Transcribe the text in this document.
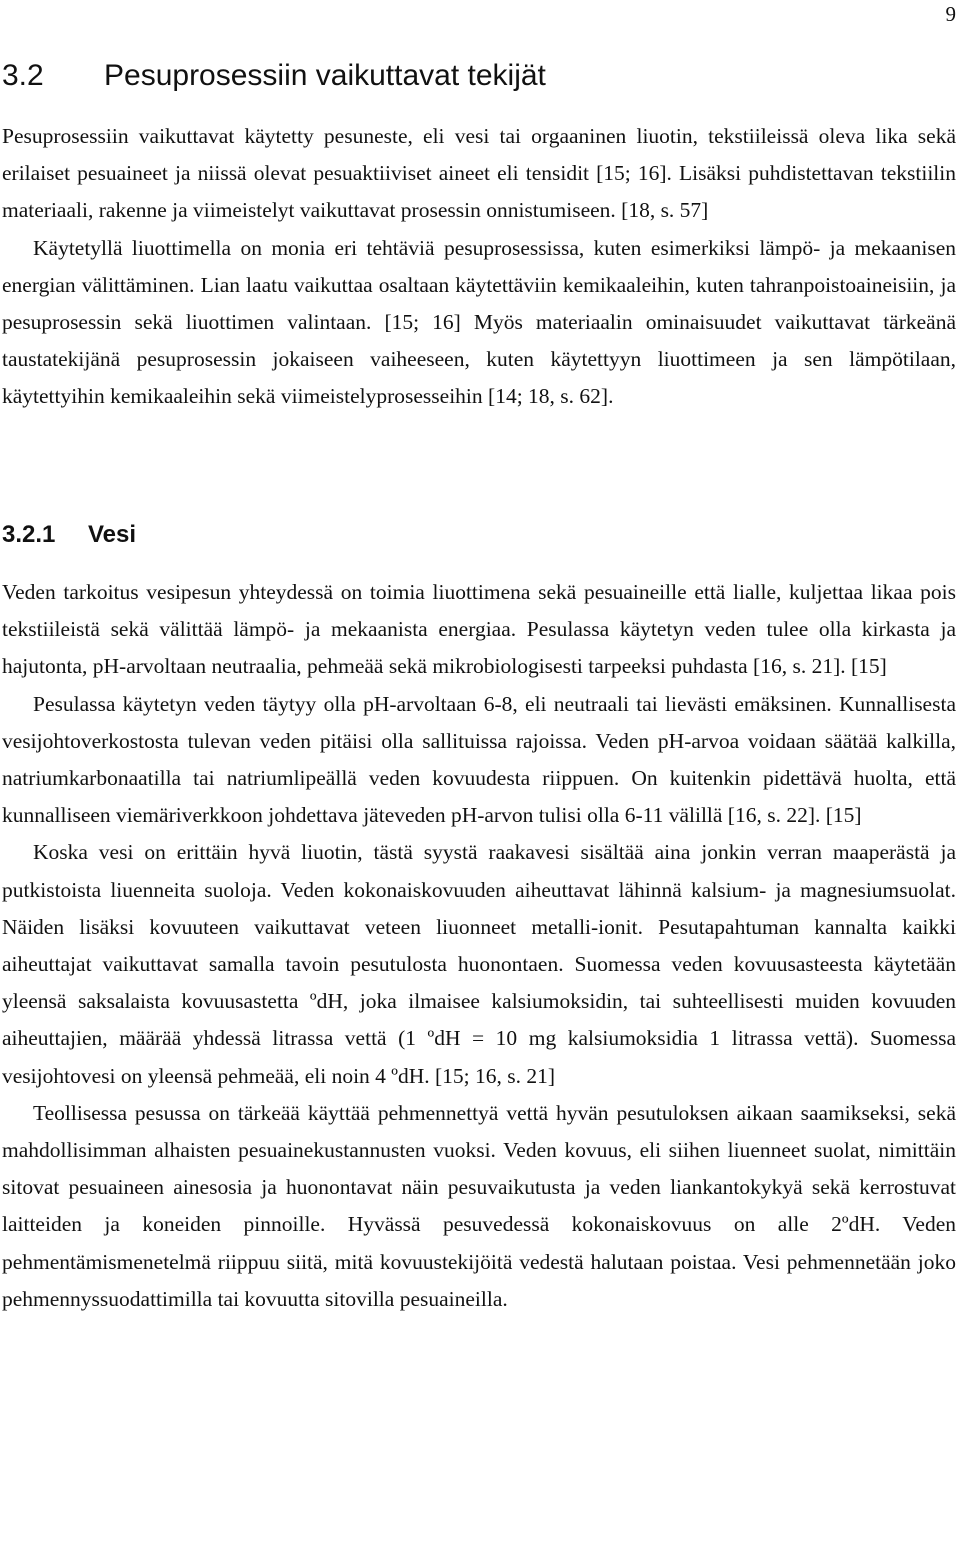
9
3.2 Pesuprosessiin vaikuttavat tekijät

Pesuprosessiin vaikuttavat käytetty pesuneste, eli vesi tai orgaaninen liuotin, tekstiileissä oleva lika sekä erilaiset pesuaineet ja niissä olevat pesuaktiiviset aineet eli tensidit [15; 16]. Lisäksi puhdistettavan tekstiilin materiaali, rakenne ja viimeistelyt vaikuttavat prosessin onnistumiseen. [18, s. 57]

Käytetyllä liuottimella on monia eri tehtäviä pesuprosessissa, kuten esimerkiksi lämpö- ja mekaanisen energian välittäminen. Lian laatu vaikuttaa osaltaan käytettäviin kemikaaleihin, kuten tahranpoistoaineisiin, ja pesuprosessin sekä liuottimen valintaan. [15; 16] Myös materiaalin ominaisuudet vaikuttavat tärkeänä taustatekijänä pesuprosessin jokaiseen vaiheeseen, kuten käytettyyn liuottimeen ja sen lämpötilaan, käytettyihin kemikaaleihin sekä viimeistelyprosesseihin [14; 18, s. 62].

3.2.1 Vesi

Veden tarkoitus vesipesun yhteydessä on toimia liuottimena sekä pesuaineille että lialle, kuljettaa likaa pois tekstiileistä sekä välittää lämpö- ja mekaanista energiaa. Pesulassa käytetyn veden tulee olla kirkasta ja hajutonta, pH-arvoltaan neutraalia, pehmeää sekä mikrobiologisesti tarpeeksi puhdasta [16, s. 21]. [15]

Pesulassa käytetyn veden täytyy olla pH-arvoltaan 6-8, eli neutraali tai lievästi emäksinen. Kunnallisesta vesijohtoverkostosta tulevan veden pitäisi olla sallituissa rajoissa. Veden pH-arvoa voidaan säätää kalkilla, natriumkarbonaatilla tai natriumlipeällä veden kovuudesta riippuen. On kuitenkin pidettävä huolta, että kunnalliseen viemäriverkkoon johdettava jäteveden pH-arvon tulisi olla 6-11 välillä [16, s. 22]. [15]

Koska vesi on erittäin hyvä liuotin, tästä syystä raakavesi sisältää aina jonkin verran maaperästä ja putkistoista liuenneita suoloja. Veden kokonaiskovuuden aiheuttavat lähinnä kalsium- ja magnesiumsuolat. Näiden lisäksi kovuuteen vaikuttavat veteen liuonneet metalli-ionit. Pesutapahtuman kannalta kaikki aiheuttajat vaikuttavat samalla tavoin pesutulosta huonontaen. Suomessa veden kovuusasteesta käytetään yleensä saksalaista kovuusastetta ºdH, joka ilmaisee kalsiumoksidin, tai suhteellisesti muiden kovuuden aiheuttajien, määrää yhdessä litrassa vettä (1 ºdH = 10 mg kalsiumoksidia 1 litrassa vettä). Suomessa vesijohtovesi on yleensä pehmeää, eli noin 4 ºdH. [15; 16, s. 21]

Teollisessa pesussa on tärkeää käyttää pehmennettyä vettä hyvän pesutuloksen aikaan saamikseksi, sekä mahdollisimman alhaisten pesuainekustannusten vuoksi. Veden kovuus, eli siihen liuenneet suolat, nimittäin sitovat pesuaineen ainesosia ja huonontavat näin pesuvaikutusta ja veden liankantokykyä sekä kerrostuvat laitteiden ja koneiden pinnoille. Hyvässä pesuvedessä kokonaiskovuus on alle 2ºdH. Veden pehmentämismenetelmä riippuu siitä, mitä kovuustekijöitä vedestä halutaan poistaa. Vesi pehmennetään joko pehmennyssuodattimilla tai kovuutta sitovilla pesuaineilla.
